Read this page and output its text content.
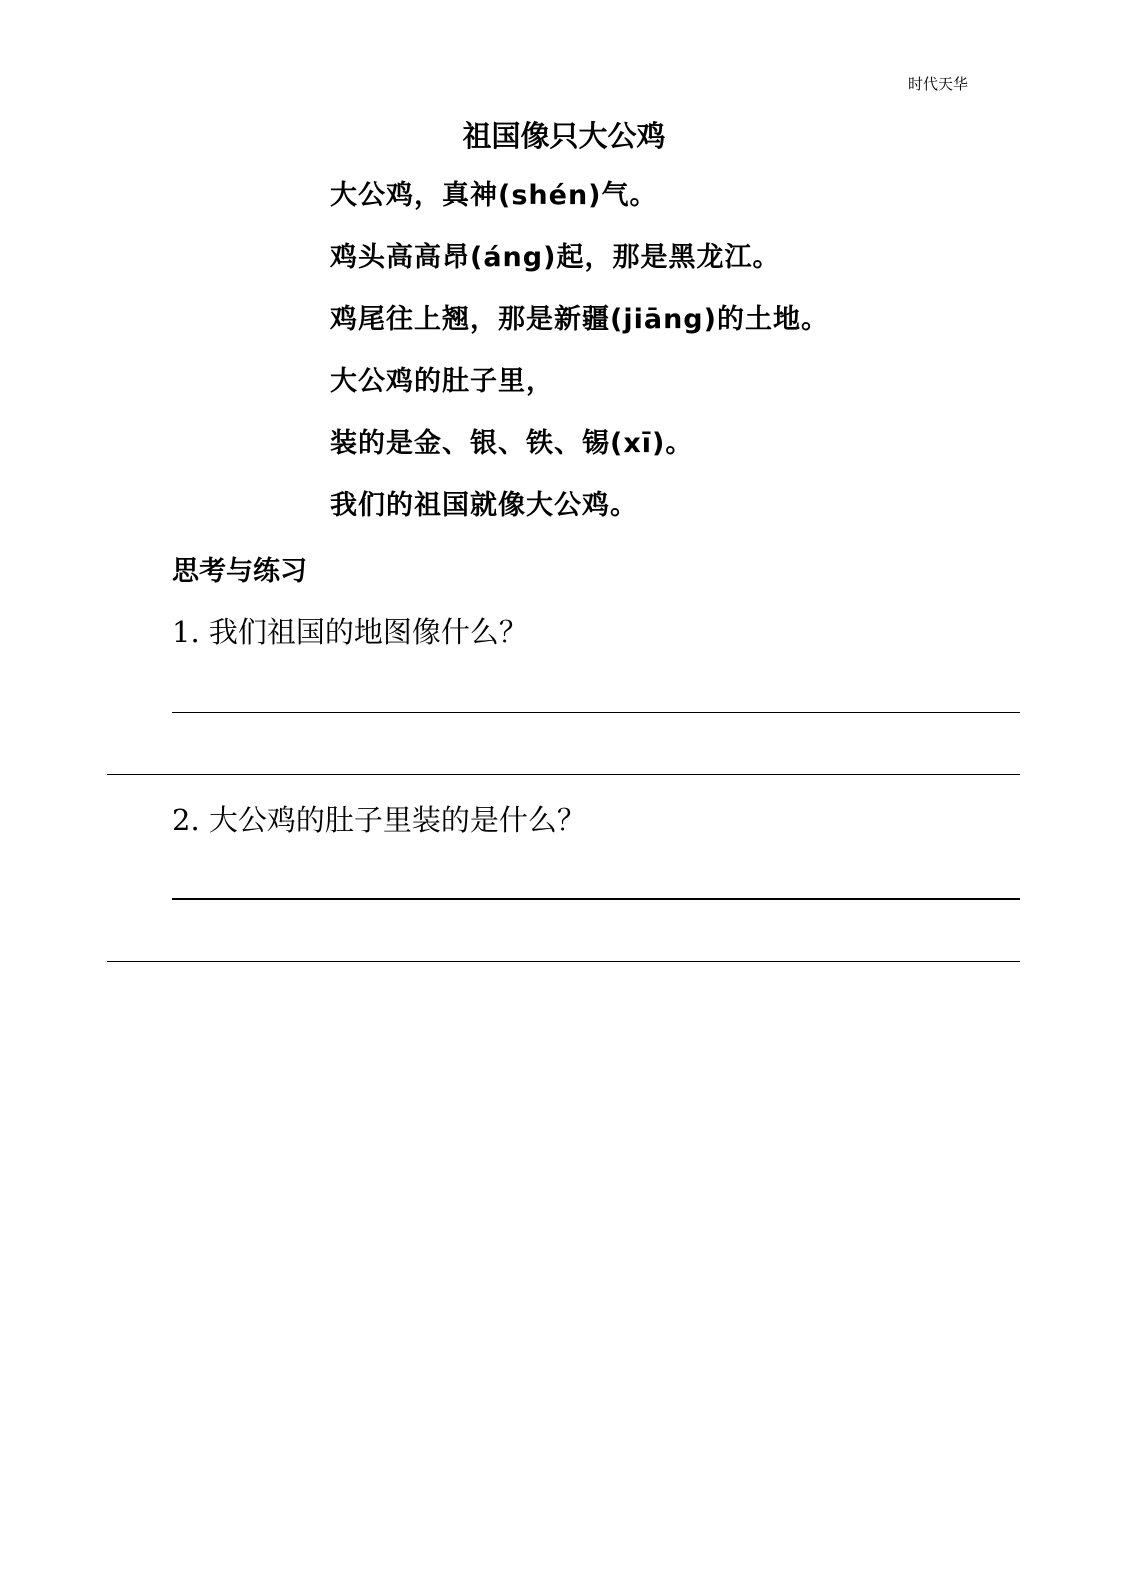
时代天华
祖国像只大公鸡
大公鸡，真神(shén)气。
鸡头高高昂(áng)起，那是黑龙江。
鸡尾往上翘，那是新疆(jiāng)的土地。
大公鸡的肚子里，
装的是金、银、铁、锡(xī)。
我们的祖国就像大公鸡。
思考与练习
1. 我们祖国的地图像什么？
2. 大公鸡的肚子里装的是什么？
